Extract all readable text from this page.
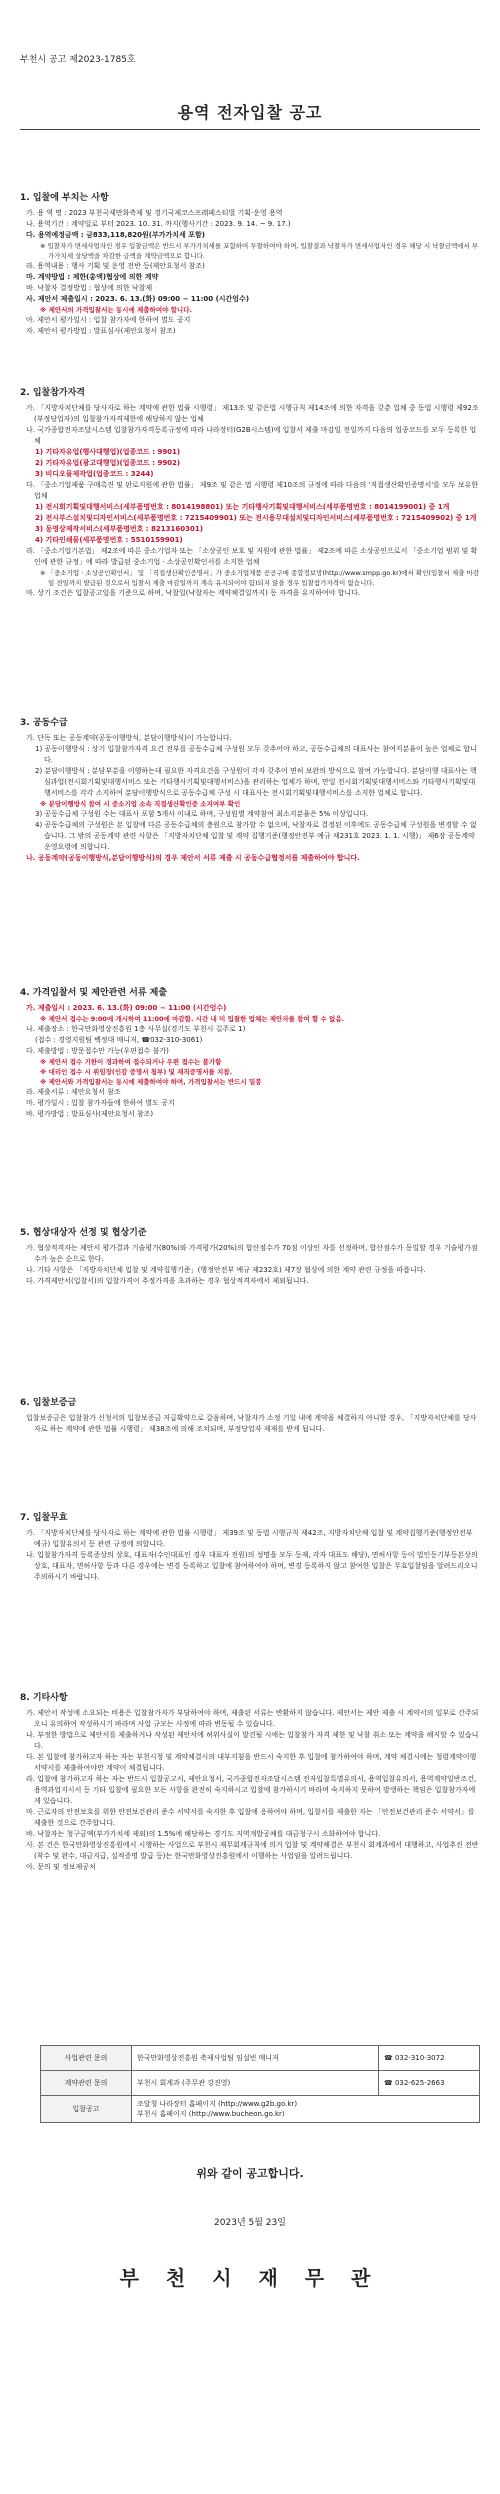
부천시 공고 제2023-1785호
용역 전자입찰 공고
1. 입찰에 부치는 사항

가. 용 역 명 : 2023 부천국제만화축제 및 경기국제코스프레페스티벌 기획·운영 용역

나. 용역기간 : 계약일로 부터 2023. 10. 31. 까지(행사기간 : 2023. 9. 14. ~ 9. 17.)

다. 용역예정금액 : 금833,118,820원(부가가치세 포함)

※ 입찰자가 면세사업자인 경우 입찰금액은 반드시 부가가치세를 포함하여 투찰하여야 하며, 입찰결과 낙찰자가 면세사업자인 경우 해당 시 낙찰금액에서 부가가치세 상당액을 차감한 금액을 계약금액으로 합니다.

라. 용역내용 : 행사 기획 및 운영 전반 등(제안요청서 참조)

마. 계약방법 : 제한(총액)협상에 의한 계약

바. 낙찰자 결정방법 : 협상에 의한 낙찰제

사. 제안서 제출일시 : 2023. 6. 13.(화) 09:00 ~ 11:00 (시간엄수)

※ 제안서의 가격입찰서는 동시에 제출하여야 합니다.

아. 제안서 평가일시 : 입찰 참가자에 한하여 별도 공지

자. 제안서 평가방법 : 발표심사(제안요청서 참조)

2. 입찰참가자격

가. 「지방자치단체를 당사자로 하는 계약에 관한 법률 시행령」 제13조 및 같은법 시행규칙 제14조에 의한 자격을 갖춘 업체 중 동법 시행령 제92조(부정당업자)의 입찰참가자격제한에 해당하지 않는 업체

나. 국가종합전자조달시스템 입찰참가자격등록규정에 따라 나라장터(G2B시스템)에 입찰서 제출 마감일 전일까지 다음의 업종코드를 모두 등록한 업체

1) 기타자유업(행사대행업)(업종코드 : 9901)

2) 기타자유업(광고대행업)(업종코드 : 9902)

3) 비디오물제작업(업종코드 : 3244)

다. 「중소기업제품 구매촉진 및 판로지원에 관한 법률」 제9조 및 같은 법 시행령 제10조의 규정에 따라 다음의 '직접생산확인증명서'를 모두 보유한 업체

1) 전시회기획및대행서비스(세부품명번호 : 8014198801) 또는 기타행사기획및대행서비스(세부품명번호 : 8014199001) 중 1개

2) 전시부스설치및디자인서비스(세부품명번호 : 7215409901) 또는 전시용무대설치및디자인서비스(세부품명번호 : 7215409902) 중 1개

3) 동영상제작서비스(세부품명번호 : 8213160301)

4) 기타인쇄물(세부품명번호 : 5510159901)

라. 「중소기업기본법」 제2조에 따른 중소기업자 또는 「소상공인 보호 및 지원에 관한 법률」 제2조에 따른 소상공인으로서 「중소기업 범위 및 확인에 관한 규정」에 따라 발급된 중소기업 · 소상공인확인서를 소지한 업체

※ 「중소기업 · 소상공인확인서」 및 「직접생산확인증명서」가 중소기업제품 공공구매 종합정보망(http://www.smpp.go.kr)에서 확인(입찰서 제출 마감일 전일까지 발급된 것으로서 입찰서 제출 마감일까지 계속 유지되어야 함)되지 않을 경우 입찰참가자격이 없습니다.

마. 상기 조건은 입찰공고일을 기준으로 하며, 낙찰일(낙찰자는 계약체결일까지) 동 자격을 유지하여야 합니다.

3. 공동수급

가. 단독 또는 공동계약(공동이행방식, 분담이행방식)이 가능합니다.

1) 공동이행방식 : 상기 입찰참가자격 요건 전부를 공동수급체 구성원 모두 갖추어야 하고, 공동수급체의 대표사는 참여지분율이 높은 업체로 합니다.

2) 분담이행방식 : 분담부분을 이행하는데 필요한 자격요건을 구성원이 각자 갖추어 면허 보완의 방식으로 참여 가능합니다. 분담이행 대표사는 핵심과업(전시회기획및대행서비스 또는 기타행사기획및대행서비스)을 관리하는 업체가 하며, 만일 전시회기획및대행서비스와 기타행사기획및대행서비스를 각각 소지하여 분담이행방식으로 공동수급체 구성 시 대표사는 전시회기획및대행서비스를 소지한 업체로 합니다.

※ 분담이행방식 참여 시 중소기업 소속 직접생산확인증 소지여부 확인

3) 공동수급체 구성원 수는 대표사 포함 5개사 이내로 하며, 구성원별 계약참여 최소지분율은 5% 이상입니다.

4) 공동수급체의 구성원은 본 입찰에 다른 공동수급체의 충원으로 참가할 수 없으며, 낙찰자로 결정된 이후에도 공동수급체 구성원을 변경할 수 없습니다. 그 밖의 공동계약 관련 사항은 「지방자치단체 입찰 및 계약 집행기준(행정안전부 예규 제231호 2023. 1. 1. 시행)」 제6장 공동계약 운영요령에 의합니다.

나. 공동계약(공동이행방식,분담이행방식)의 경우 제안서 서류 제출 시 공동수급협정서를 제출하여야 합니다.

4. 가격입찰서 및 제안관련 서류 제출

가. 제출일시 : 2023. 6. 13.(화) 09:00 ~ 11:00 (시간엄수)

※ 제안서 접수는 9:00에 개시하여 11:00에 마감함. 시간 내 미 입찰한 업체는 제안자를 참여 할 수 없음.

나. 제출장소 : 한국만화영상진흥원 1층 사무실(경기도 부천시 길주로 1)

(접수 : 경영지원팀 백정대 매니저, ☎032-310-3061)

다. 제출방법 : 방문접수만 가능(우편접수 불가)

※ 제안서 접수 기한이 경과하여 접수되거나 우편 접수는 불가함

※ 대리인 접수 시 위임장(인감 증명서 첨부) 및 재직증명서를 지참.

※ 제안서와 가격입찰서는 동시에 제출하여야 하며, 가격입찰서는 반드시 밀봉

라. 제출서류 : 제안요청서 참조

마. 평가일시 : 입찰 참가자들에 한하여 별도 공지

바. 평가방법 : 발표심사(제안요청서 참조)

5. 협상대상자 선정 및 협상기준

가. 협상적격자는 제안서 평가결과 기술평가(80%)와 가격평가(20%)의 합산점수가 70점 이상인 자를 선정하며, 합산점수가 동일할 경우 기술평가점수가 높은 순으로 한다.

나. 기타 사항은 「지방자치단체 입찰 및 계약집행기준」(행정안전부 예규 제232호) 제7장 협상에 의한 계약 관련 규정을 따릅니다.

다. 가격제안서(입찰서)의 입찰가격이 추정가격을 초과하는 경우 협상적격자에서 제외됩니다.

6. 입찰보증금

입찰보증금은 입찰참가 신청서의 입찰보증금 지급확약으로 갈음하며, 낙찰자가 소정 기일 내에 계약을 체결하지 아니할 경우, 「지방자치단체를 당사자로 하는 계약에 관한 법률 시행령」 제38조에 의해 조치되며, 부정당업자 제재를 받게 됩니다.

7. 입찰무효

가. 「지방자치단체를 당사자로 하는 계약에 관한 법률 시행령」 제39조 및 동법 시행규칙 제42조, 지방자치단체 입찰 및 계약집행기준(행정안전부 예규) 입찰유의서 등 관련 규정에 의합니다.

나. 입찰참가자격 등록증상의 상호, 대표자(수인대표인 경우 대표자 전원)의 성명을 모두 등재, 각자 대표도 해당), 면허사항 등이 법인등기부등본상의 상호, 대표자, 면허사항 등과 다른 경우에는 변경 등록하고 입찰에 참여하여야 하며, 변경 등록하지 않고 참여한 입찰은 무효입찰임을 알려드리오니 주의하시기 바랍니다.

8. 기타사항

가. 제안서 작성에 소요되는 비용은 입찰참가자가 부담하여야 하며, 제출된 서류는 반환하지 않습니다. 제안서는 제안 제출 시 계약서의 일부로 간주되오니 유의하여 작성하시기 바라며 사업 규모는 사정에 따라 변동될 수 있습니다.

나. 부정한 방법으로 제안서를 제출하거나 작성된 제안서에 허위사실이 발견될 시에는 입찰참가 자격 제한 및 낙찰 취소 또는 계약을 해지할 수 있습니다.

다. 본 입찰에 참가하고자 하는 자는 부천시청 및 계약체결시의 내부지침을 반드시 숙지한 후 입찰에 참가하여야 하며, 계약 체결시에는 청렴계약이행서약서를 제출하여야만 계약이 체결됩니다.

라. 입찰에 참가하고자 하는 자는 반드시 입찰공고서, 제안요청서, 국가종합전자조달시스템 전자입찰특별유의서, 용역입찰유의서, 용역계약일반조건, 용역과업지시서 등 기타 입찰에 필요한 모든 사항을 완전히 숙지하시고 입찰에 참가하시기 바라며 숙지하지 못하여 발생하는 책임은 입찰참가자에게 있습니다.

마. 근로자의 안전보호를 위한 안전보건관리 준수 서약서를 숙지한 후 입찰에 응하여야 하며, 입찰서를 제출한 자는 「안전보건관리 준수 서약서」를 제출한 것으로 간주합니다.

바. 낙찰자는 청구금액(부가가치세 제외)의 1.5%에 해당하는 경기도 지역개발공채를 대금청구시 소화하여야 합니다.

사. 본 건은 한국만화영상진흥원에서 시행하는 사업으로 부천시 재무회계규칙에 의거 입찰 및 계약체결은 부천시 회계과에서 대행하고, 사업추진 전반(착수 및 완수, 대금지급, 실적증명 발급 등)는 한국만화영상진흥원에서 이행하는 사업임을 알려드립니다.

아. 문의 및 정보제공처

사업관련 문의	한국만화영상진흥원 축제사업팀 임설빈 매니저	☎ 032-310-3072
계약관련 문의	부천시 회계과 (주무관 강진영)	☎ 032-625-2663
입찰공고	조달청 나라장터 홈페이지 (http://www.g2b.go.kr)
부천시 홈페이지 (http://www.bucheon.go.kr)	
위와 같이 공고합니다.
2023년 5월 23일
부 천 시 재 무 관
